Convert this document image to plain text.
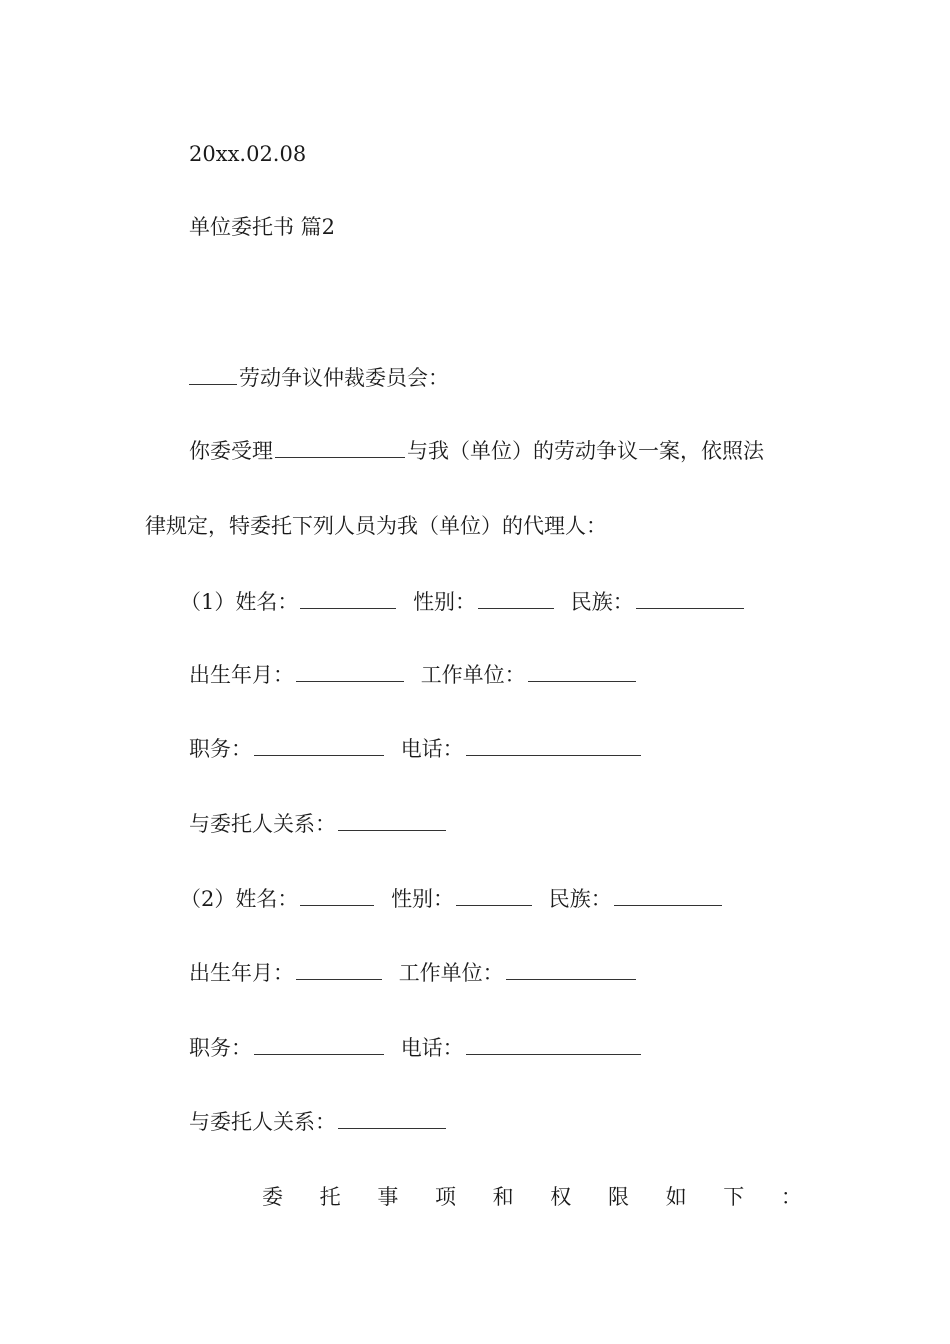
20xx.02.08
单位委托书 篇2
劳动争议仲裁委员会：
你委受理	与我（单位）的劳动争议一案，依照法
律规定，特委托下列人员为我（单位）的代理人：
（1）姓名：	性别：	民族：
出生年月：	工作单位：
职务：	电话：
与委托人关系：
（2）姓名：	性别：	民族：
出生年月：	工作单位：
职务：	电话：
与委托人关系：
委 托 事 项 和 权 限 如 下 ：
